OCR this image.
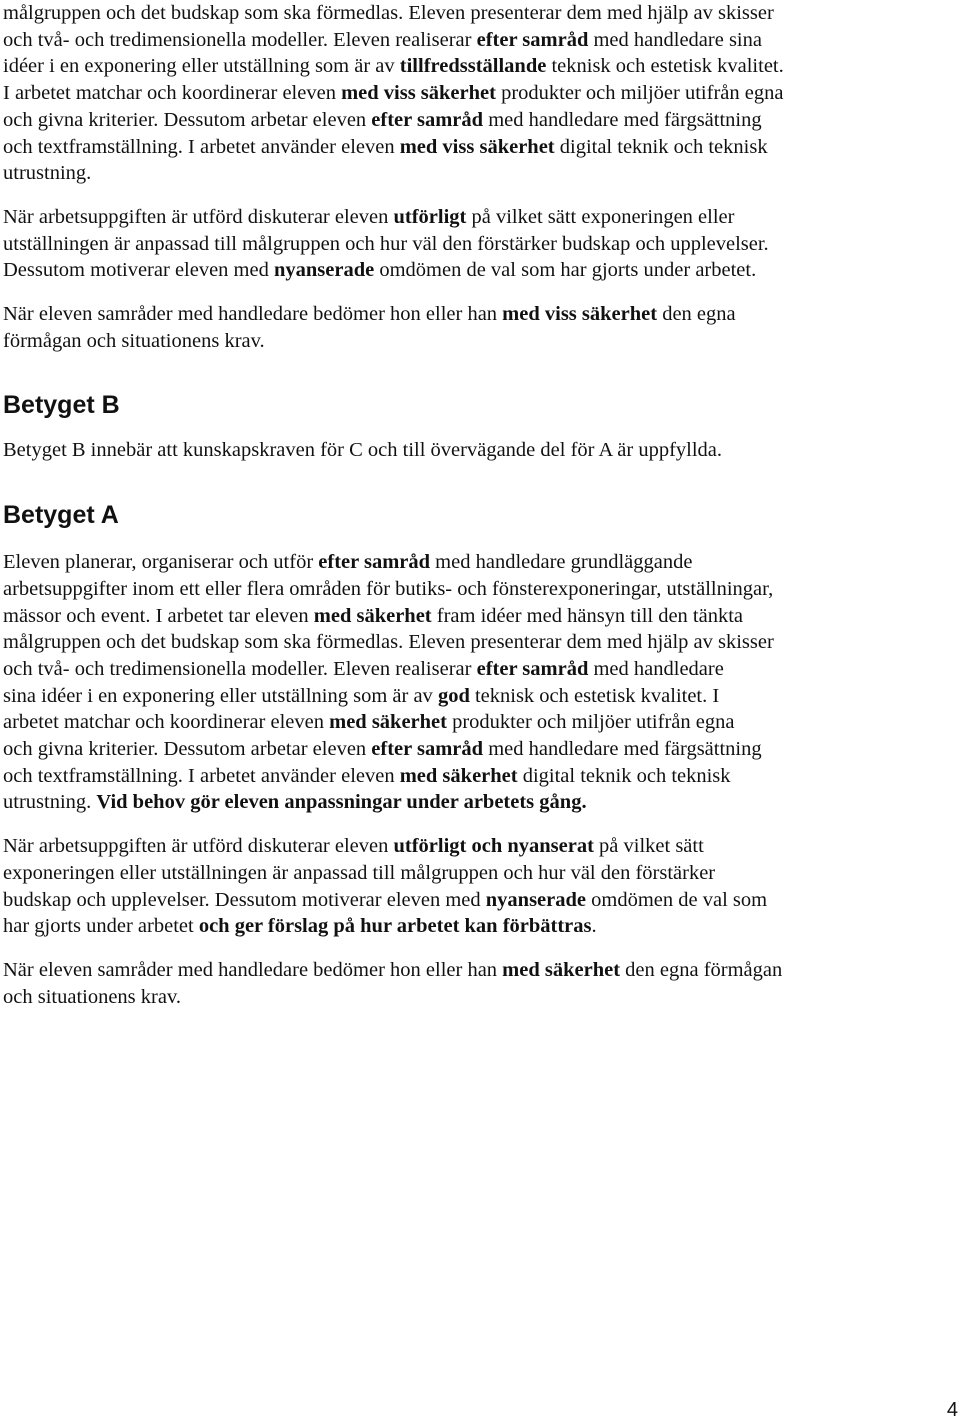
målgruppen och det budskap som ska förmedlas. Eleven presenterar dem med hjälp av skisser
och två- och tredimensionella modeller. Eleven realiserar efter samråd med handledare sina
idéer i en exponering eller utställning som är av tillfredsställande teknisk och estetisk kvalitet.
I arbetet matchar och koordinerar eleven med viss säkerhet produkter och miljöer utifrån egna
och givna kriterier. Dessutom arbetar eleven efter samråd med handledare med färgsättning
och textframställning. I arbetet använder eleven med viss säkerhet digital teknik och teknisk
utrustning.

När arbetsuppgiften är utförd diskuterar eleven utförligt på vilket sätt exponeringen eller
utställningen är anpassad till målgruppen och hur väl den förstärker budskap och upplevelser.
Dessutom motiverar eleven med nyanserade omdömen de val som har gjorts under arbetet.

När eleven samråder med handledare bedömer hon eller han med viss säkerhet den egna
förmågan och situationens krav.

Betyget B

Betyget B innebär att kunskapskraven för C och till övervägande del för A är uppfyllda.

Betyget A

Eleven planerar, organiserar och utför efter samråd med handledare grundläggande
arbetsuppgifter inom ett eller flera områden för butiks- och fönsterexponeringar, utställningar,
mässor och event. I arbetet tar eleven med säkerhet fram idéer med hänsyn till den tänkta
målgruppen och det budskap som ska förmedlas. Eleven presenterar dem med hjälp av skisser
och två- och tredimensionella modeller. Eleven realiserar efter samråd med handledare
sina idéer i en exponering eller utställning som är av god teknisk och estetisk kvalitet. I
arbetet matchar och koordinerar eleven med säkerhet produkter och miljöer utifrån egna
och givna kriterier. Dessutom arbetar eleven efter samråd med handledare med färgsättning
och textframställning. I arbetet använder eleven med säkerhet digital teknik och teknisk
utrustning. Vid behov gör eleven anpassningar under arbetets gång.

När arbetsuppgiften är utförd diskuterar eleven utförligt och nyanserat på vilket sätt
exponeringen eller utställningen är anpassad till målgruppen och hur väl den förstärker
budskap och upplevelser. Dessutom motiverar eleven med nyanserade omdömen de val som
har gjorts under arbetet och ger förslag på hur arbetet kan förbättras.

När eleven samråder med handledare bedömer hon eller han med säkerhet den egna förmågan
och situationens krav.

4
